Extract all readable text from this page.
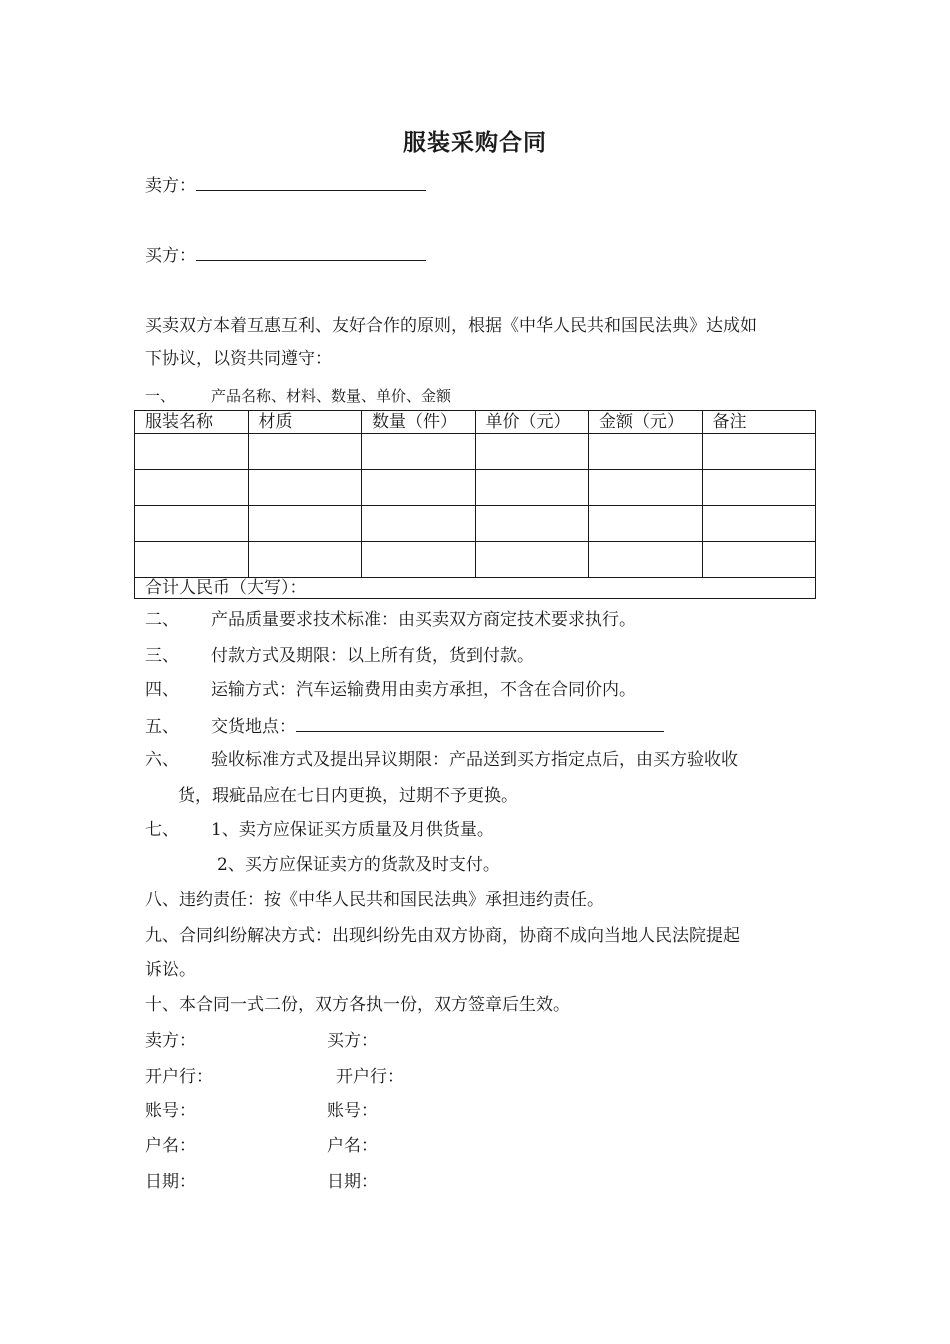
服装采购合同
卖方：
买方：
买卖双方本着互惠互利、友好合作的原则，根据《中华人民共和国民法典》达成如
下协议，以资共同遵守：
一、 产品名称、材料、数量、单价、金额
服装名称	材质	数量（件）	单价（元）	金额（元）	备注

合计人民币（大写）：					
二、 产品质量要求技术标准：由买卖双方商定技术要求执行。
三、 付款方式及期限：以上所有货，货到付款。
四、 运输方式：汽车运输费用由卖方承担，不含在合同价内。
五、 交货地点：
六、 验收标准方式及提出异议期限：产品送到买方指定点后，由买方验收收
货，瑕疵品应在七日内更换，过期不予更换。
七、 1、卖方应保证买方质量及月供货量。
2、买方应保证卖方的货款及时支付。
八、违约责任：按《中华人民共和国民法典》承担违约责任。
九、合同纠纷解决方式：出现纠纷先由双方协商，协商不成向当地人民法院提起
诉讼。
十、本合同一式二份，双方各执一份，双方签章后生效。
卖方：	买方：
开户行：	开户行：
账号：	账号：
户名：	户名：
日期：	日期：
